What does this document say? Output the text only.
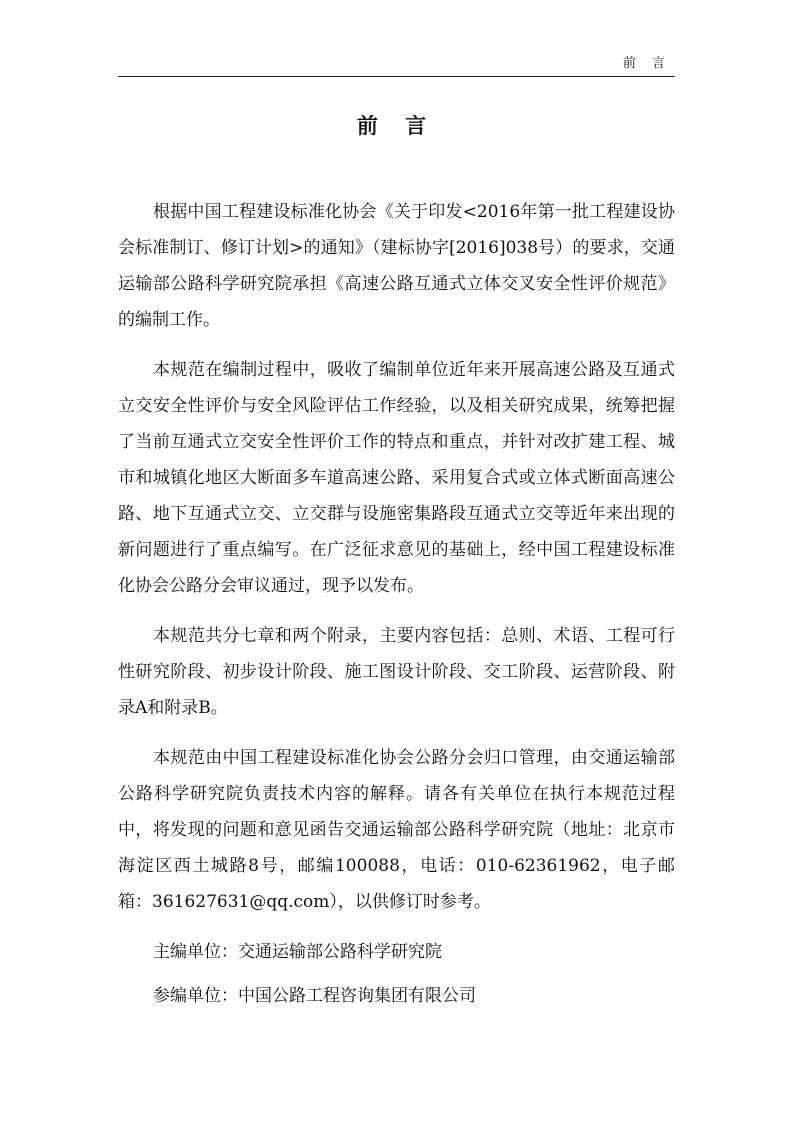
前 言
前 言

根据中国工程建设标准化协会《关于印发<2016年第一批工程建设协会标准制订、修订计划>的通知》（建标协字[2016]038号）的要求，交通运输部公路科学研究院承担《高速公路互通式立体交叉安全性评价规范》的编制工作。

本规范在编制过程中，吸收了编制单位近年来开展高速公路及互通式立交安全性评价与安全风险评估工作经验，以及相关研究成果，统筹把握了当前互通式立交安全性评价工作的特点和重点，并针对改扩建工程、城市和城镇化地区大断面多车道高速公路、采用复合式或立体式断面高速公路、地下互通式立交、立交群与设施密集路段互通式立交等近年来出现的新问题进行了重点编写。在广泛征求意见的基础上，经中国工程建设标准化协会公路分会审议通过，现予以发布。

本规范共分七章和两个附录，主要内容包括：总则、术语、工程可行性研究阶段、初步设计阶段、施工图设计阶段、交工阶段、运营阶段、附录A和附录B。

本规范由中国工程建设标准化协会公路分会归口管理，由交通运输部公路科学研究院负责技术内容的解释。请各有关单位在执行本规范过程中，将发现的问题和意见函告交通运输部公路科学研究院（地址：北京市海淀区西土城路8号，邮编100088，电话：010-62361962，电子邮箱：361627631@qq.com），以供修订时参考。

主编单位：交通运输部公路科学研究院

参编单位：中国公路工程咨询集团有限公司
